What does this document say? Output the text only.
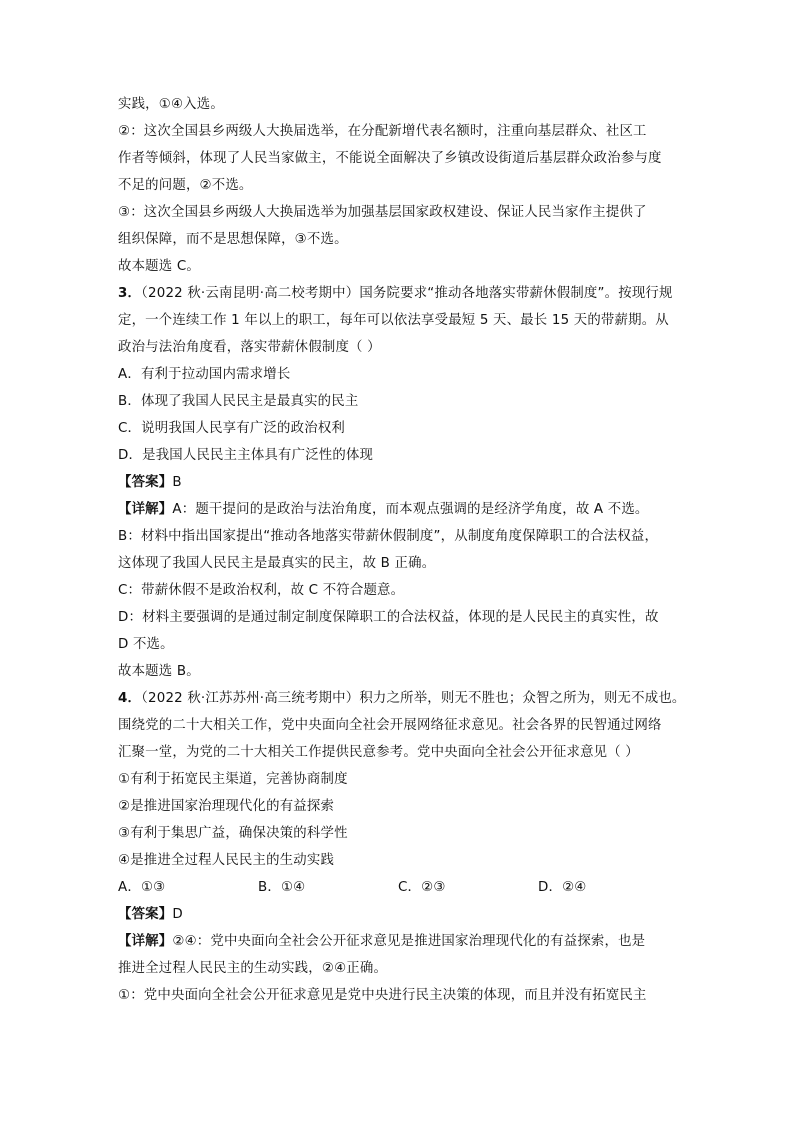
实践，①④入选。
②：这次全国县乡两级人大换届选举，在分配新增代表名额时，注重向基层群众、社区工
作者等倾斜，体现了人民当家做主，不能说全面解决了乡镇改设街道后基层群众政治参与度
不足的问题，②不选。
③：这次全国县乡两级人大换届选举为加强基层国家政权建设、保证人民当家作主提供了
组织保障，而不是思想保障，③不选。
故本题选 C。
3．（2022 秋·云南昆明·高二校考期中）国务院要求“推动各地落实带薪休假制度”。按现行规
定，一个连续工作 1 年以上的职工，每年可以依法享受最短 5 天、最长 15 天的带薪期。从
政治与法治角度看，落实带薪休假制度（ ）
A．有利于拉动国内需求增长
B．体现了我国人民民主是最真实的民主
C．说明我国人民享有广泛的政治权利
D．是我国人民民主主体具有广泛性的体现
【答案】B
【详解】A：题干提问的是政治与法治角度，而本观点强调的是经济学角度，故 A 不选。
B：材料中指出国家提出“推动各地落实带薪休假制度”，从制度角度保障职工的合法权益，
这体现了我国人民民主是最真实的民主，故 B 正确。
C：带薪休假不是政治权利，故 C 不符合题意。
D：材料主要强调的是通过制定制度保障职工的合法权益，体现的是人民民主的真实性，故
D 不选。
故本题选 B。
4．（2022 秋·江苏苏州·高三统考期中）积力之所举，则无不胜也；众智之所为，则无不成也。
围绕党的二十大相关工作，党中央面向全社会开展网络征求意见。社会各界的民智通过网络
汇聚一堂，为党的二十大相关工作提供民意参考。党中央面向全社会公开征求意见（ ）
①有利于拓宽民主渠道，完善协商制度
②是推进国家治理现代化的有益探索
③有利于集思广益，确保决策的科学性
④是推进全过程人民民主的生动实践
A．①③	B．①④	C．②③	D．②④
【答案】D
【详解】②④：党中央面向全社会公开征求意见是推进国家治理现代化的有益探索，也是
推进全过程人民民主的生动实践，②④正确。
①：党中央面向全社会公开征求意见是党中央进行民主决策的体现，而且并没有拓宽民主
